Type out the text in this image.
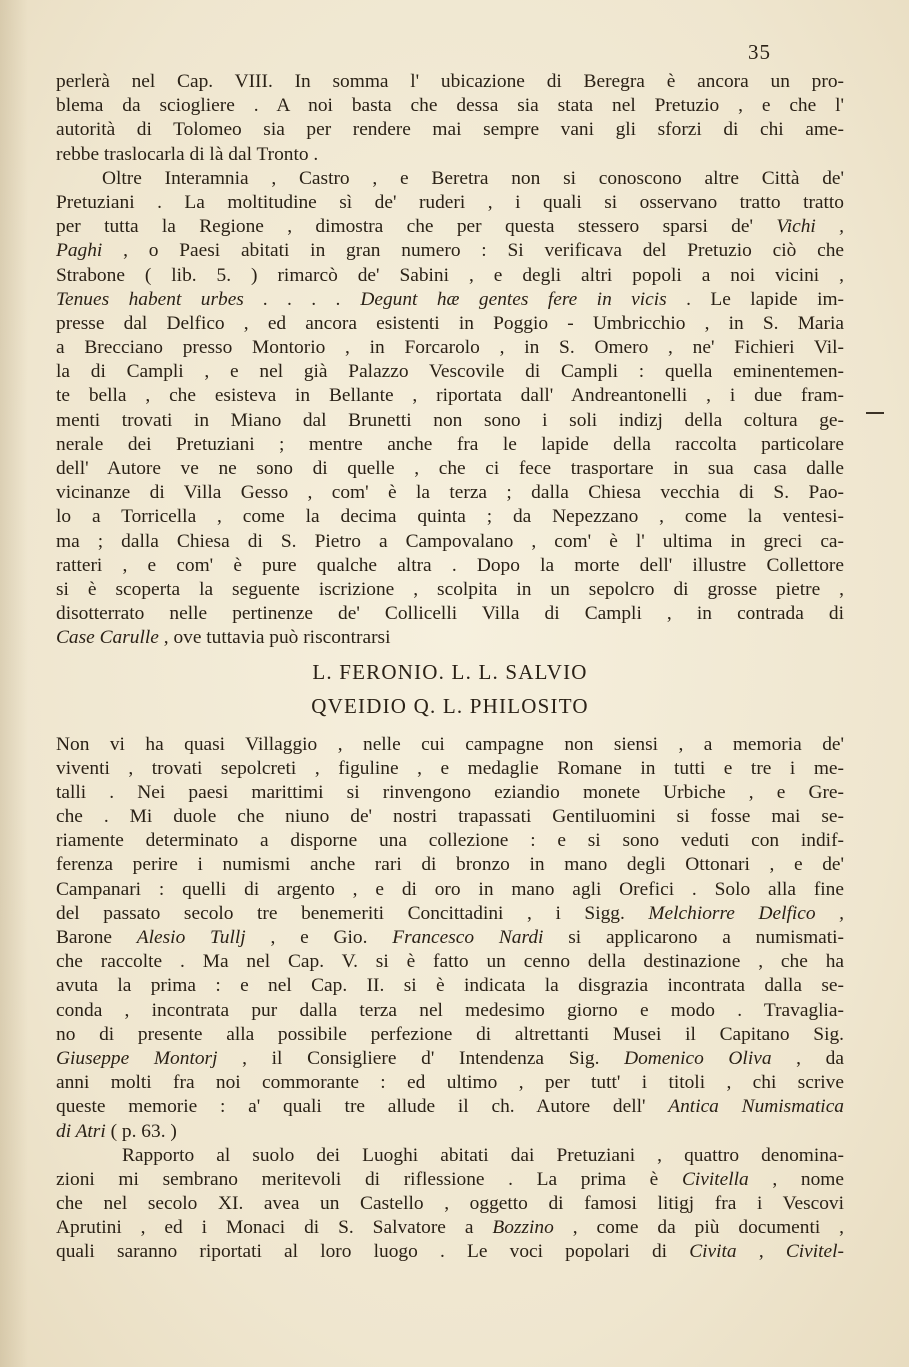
35
perlerà nel Cap. VIII. In somma l' ubicazione di Beregra è ancora un pro-
blema da sciogliere . A noi basta che dessa sia stata nel Pretuzio , e che l'
autorità di Tolomeo sia per rendere mai sempre vani gli sforzi di chi ame-
rebbe traslocarla di là dal Tronto .
Oltre Interamnia , Castro , e Beretra non si conoscono altre Città de'
Pretuziani . La moltitudine sì de' ruderi , i quali si osservano tratto tratto
per tutta la Regione , dimostra che per questa stessero sparsi de' Vichi ,
Paghi , o Paesi abitati in gran numero : Si verificava del Pretuzio ciò che
Strabone ( lib. 5. ) rimarcò de' Sabini , e degli altri popoli a noi vicini ,
Tenues habent urbes . . . . Degunt hæ gentes fere in vicis . Le lapide im-
presse dal Delfico , ed ancora esistenti in Poggio - Umbricchio , in S. Maria
a Brecciano presso Montorio , in Forcarolo , in S. Omero , ne' Fichieri Vil-
la di Campli , e nel già Palazzo Vescovile di Campli : quella eminentemen-
te bella , che esisteva in Bellante , riportata dall' Andreantonelli , i due fram-
menti trovati in Miano dal Brunetti non sono i soli indizj della coltura ge-
nerale dei Pretuziani ; mentre anche fra le lapide della raccolta particolare
dell' Autore ve ne sono di quelle , che ci fece trasportare in sua casa dalle
vicinanze di Villa Gesso , com' è la terza ; dalla Chiesa vecchia di S. Pao-
lo a Torricella , come la decima quinta ; da Nepezzano , come la ventesi-
ma ; dalla Chiesa di S. Pietro a Campovalano , com' è l' ultima in greci ca-
ratteri , e com' è pure qualche altra . Dopo la morte dell' illustre Collettore
si è scoperta la seguente iscrizione , scolpita in un sepolcro di grosse pietre ,
disotterrato nelle pertinenze de' Collicelli Villa di Campli , in contrada di
Case Carulle , ove tuttavia può riscontrarsi
L. FERONIO. L. L. SALVIO
QVEIDIO Q. L. PHILOSITO
Non vi ha quasi Villaggio , nelle cui campagne non siensi , a memoria de'
viventi , trovati sepolcreti , figuline , e medaglie Romane in tutti e tre i me-
talli . Nei paesi marittimi si rinvengono eziandio monete Urbiche , e Gre-
che . Mi duole che niuno de' nostri trapassati Gentiluomini si fosse mai se-
riamente determinato a disporne una collezione : e si sono veduti con indif-
ferenza perire i numismi anche rari di bronzo in mano degli Ottonari , e de'
Campanari : quelli di argento , e di oro in mano agli Orefici . Solo alla fine
del passato secolo tre benemeriti Concittadini , i Sigg. Melchiorre Delfico ,
Barone Alesio Tullj , e Gio. Francesco Nardi si applicarono a numismati-
che raccolte . Ma nel Cap. V. si è fatto un cenno della destinazione , che ha
avuta la prima : e nel Cap. II. si è indicata la disgrazia incontrata dalla se-
conda , incontrata pur dalla terza nel medesimo giorno e modo . Travaglia-
no di presente alla possibile perfezione di altrettanti Musei il Capitano Sig.
Giuseppe Montorj , il Consigliere d' Intendenza Sig. Domenico Oliva , da
anni molti fra noi commorante : ed ultimo , per tutt' i titoli , chi scrive
queste memorie : a' quali tre allude il ch. Autore dell' Antica Numismatica
di Atri ( p. 63. )
Rapporto al suolo dei Luoghi abitati dai Pretuziani , quattro denomina-
zioni mi sembrano meritevoli di riflessione . La prima è Civitella , nome
che nel secolo XI. avea un Castello , oggetto di famosi litigj fra i Vescovi
Aprutini , ed i Monaci di S. Salvatore a Bozzino , come da più documenti ,
quali saranno riportati al loro luogo . Le voci popolari di Civita , Civitel-
